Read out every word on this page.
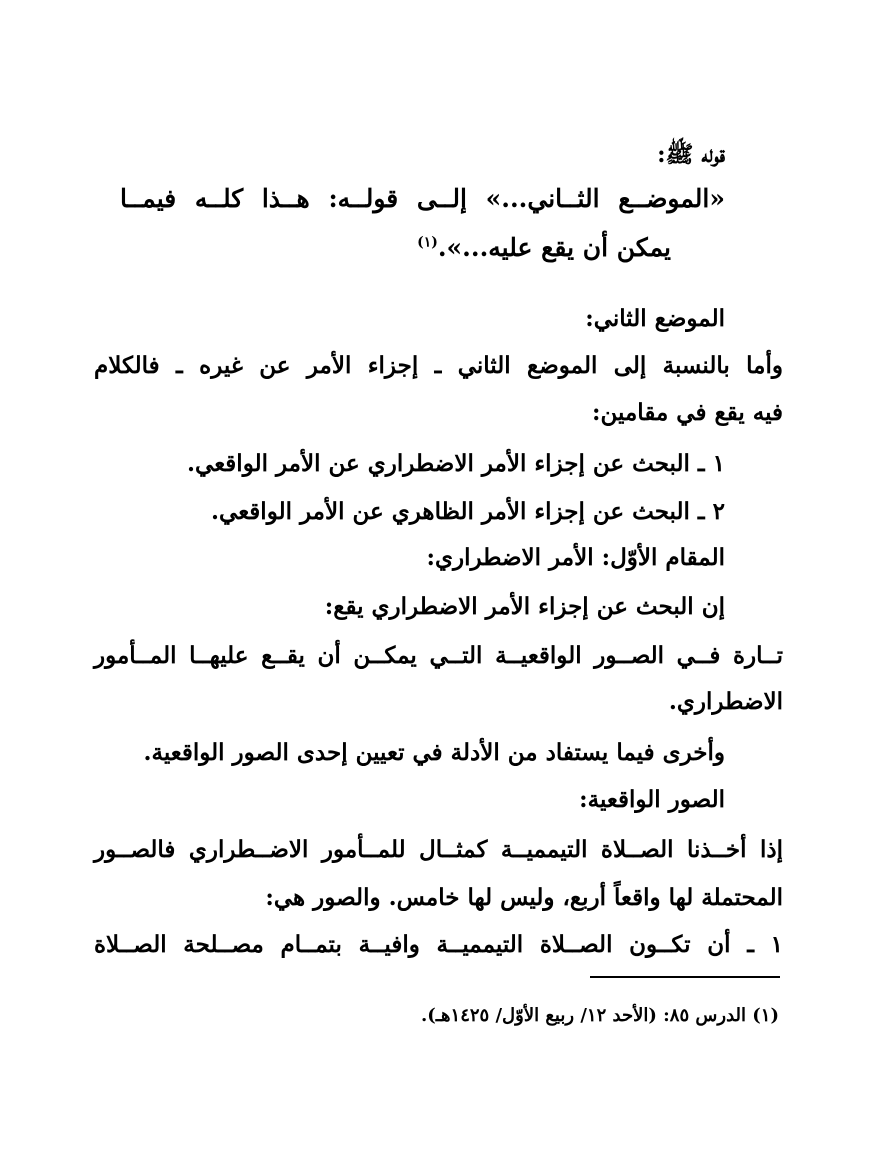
قوله ﷺ:
«الموضــع الثــاني...» إلــى قولــه: هــذا كلــه فيمــا
يمكن أن يقع عليه...».$^{(١)}$
الموضع الثاني:
وأما بالنسبة إلى الموضع الثاني ـ إجزاء الأمر عن غيره ـ فالكلام
فيه يقع في مقامين:
١ ـ البحث عن إجزاء الأمر الاضطراري عن الأمر الواقعي.
٢ ـ البحث عن إجزاء الأمر الظاهري عن الأمر الواقعي.
المقام الأوّل: الأمر الاضطراري:
إن البحث عن إجزاء الأمر الاضطراري يقع:
تــارة فــي الصــور الواقعيــة التــي يمكــن أن يقــع عليهــا المــأمور
الاضطراري.
وأخرى فيما يستفاد من الأدلة في تعيين إحدى الصور الواقعية.
الصور الواقعية:
إذا أخــذنا الصــلاة التيمميــة كمثــال للمــأمور الاضــطراري فالصــور
المحتملة لها واقعاً أربع، وليس لها خامس. والصور هي:
١ ـ أن تكــون الصــلاة التيمميــة وافيــة بتمــام مصــلحة الصــلاة
(١) الدرس ٨٥: (الأحد ١٢/ ربيع الأوّل/ ١٤٢٥هـ).
